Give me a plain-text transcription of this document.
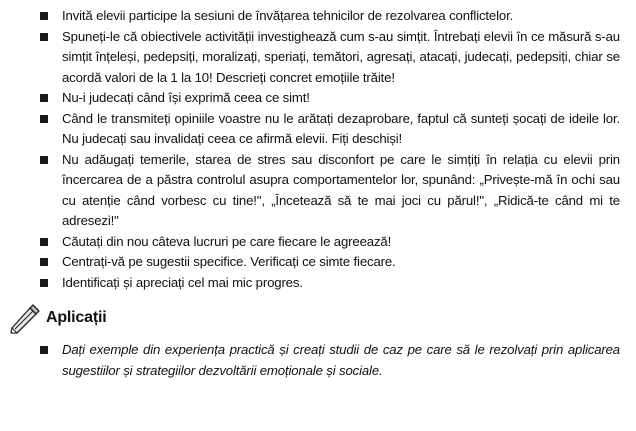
Invită elevii participe la sesiuni de învățarea tehnicilor de rezolvarea conflictelor.
Spuneți-le că obiectivele activității investighează cum s-au simțit. Întrebați elevii în ce măsură s-au simțit înțeleși, pedepsiți, moralizați, speriați, temători, agresați, atacați, judecați, pedepsiți, chiar se acordă valori de la 1 la 10! Descrieți concret emoțiile trăite!
Nu-i judecați când își exprimă ceea ce simt!
Când le transmiteți opiniile voastre nu le arătați dezaprobare, faptul că sunteți șocați de ideile lor. Nu judecați sau invalidați ceea ce afirmă elevii. Fiți deschiși!
Nu adăugați temerile, starea de stres sau disconfort pe care le simțiți în relația cu elevii prin încercarea de a păstra controlul asupra comportamentelor lor, spunând: „Privește-mă în ochi sau cu atenție când vorbesc cu tine!", „Încetează să te mai joci cu părul!", „Ridică-te când mi te adresezi!"
Căutați din nou câteva lucruri pe care fiecare le agreează!
Centrați-vă pe sugestii specifice. Verificați ce simte fiecare.
Identificați și apreciați cel mai mic progres.
Aplicații
Dați exemple din experiența practică și creați studii de caz pe care să le rezolvați prin aplicarea sugestiilor și strategiilor dezvoltării emoționale și sociale.
